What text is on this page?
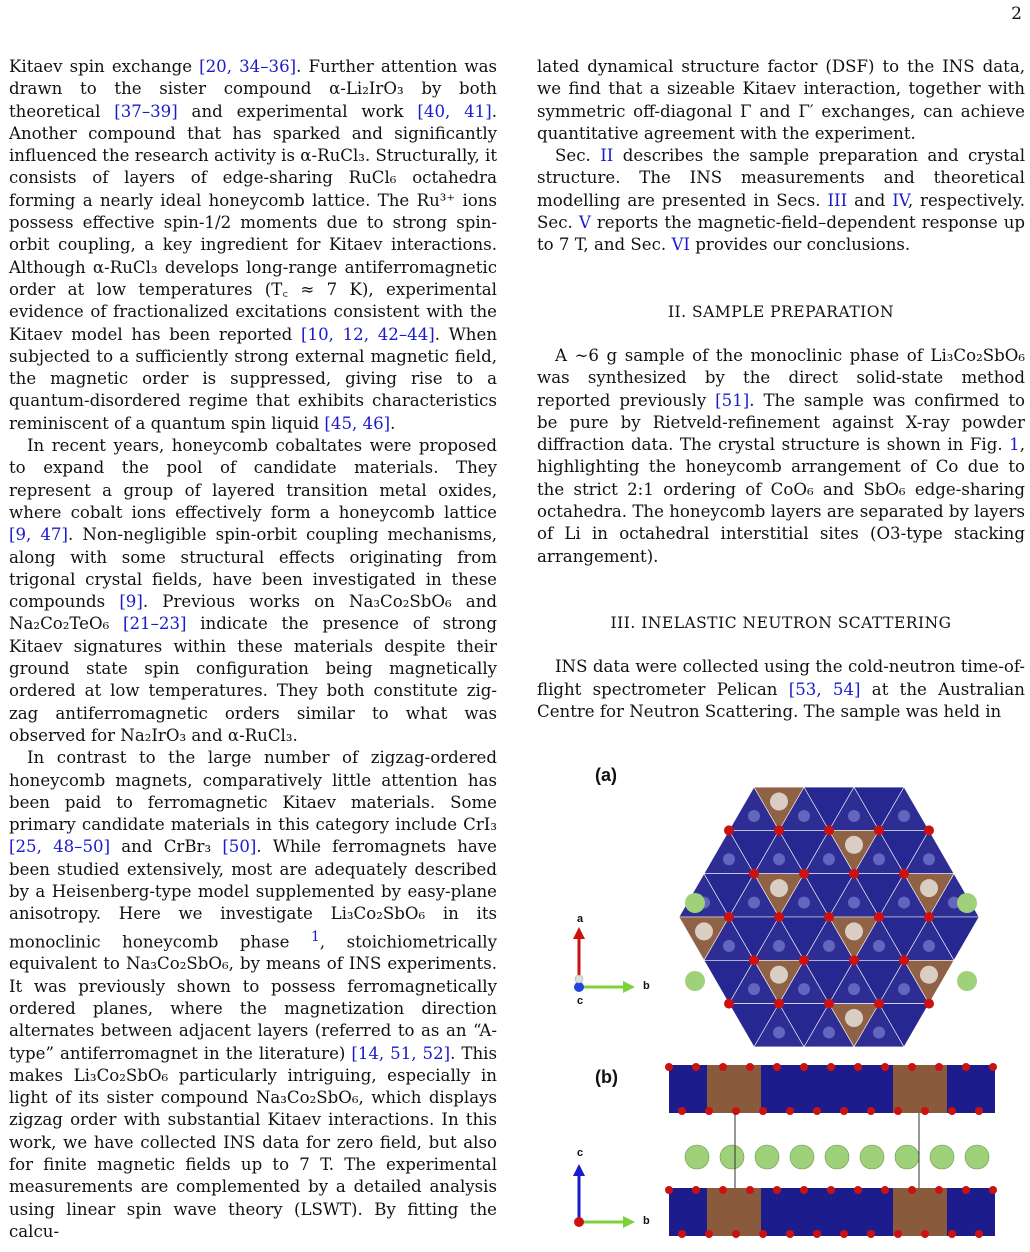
2

Kitaev spin exchange [20, 34–36]. Further attention was drawn to the sister compound α-Li₂IrO₃ by both theoretical [37–39] and experimental work [40, 41]. Another compound that has sparked and significantly influenced the research activity is α-RuCl₃. Structurally, it consists of layers of edge-sharing RuCl₆ octahedra forming a nearly ideal honeycomb lattice. The Ru³⁺ ions possess effective spin-1/2 moments due to strong spin-orbit coupling, a key ingredient for Kitaev interactions. Although α-RuCl₃ develops long-range antiferromagnetic order at low temperatures (T꜀ ≈ 7 K), experimental evidence of fractionalized excitations consistent with the Kitaev model has been reported [10, 12, 42–44]. When subjected to a sufficiently strong external magnetic field, the magnetic order is suppressed, giving rise to a quantum-disordered regime that exhibits characteristics reminiscent of a quantum spin liquid [45, 46].

In recent years, honeycomb cobaltates were proposed to expand the pool of candidate materials. They represent a group of layered transition metal oxides, where cobalt ions effectively form a honeycomb lattice [9, 47]. Non-negligible spin-orbit coupling mechanisms, along with some structural effects originating from trigonal crystal fields, have been investigated in these compounds [9]. Previous works on Na₃Co₂SbO₆ and Na₂Co₂TeO₆ [21–23] indicate the presence of strong Kitaev signatures within these materials despite their ground state spin configuration being magnetically ordered at low temperatures. They both constitute zig-zag antiferromagnetic orders similar to what was observed for Na₂IrO₃ and α-RuCl₃.

In contrast to the large number of zigzag-ordered honeycomb magnets, comparatively little attention has been paid to ferromagnetic Kitaev materials. Some primary candidate materials in this category include CrI₃ [25, 48–50] and CrBr₃ [50]. While ferromagnets have been studied extensively, most are adequately described by a Heisenberg-type model supplemented by easy-plane anisotropy. Here we investigate Li₃Co₂SbO₆ in its monoclinic honeycomb phase $^1$, stoichiometrically equivalent to Na₃Co₂SbO₆, by means of INS experiments. It was previously shown to possess ferromagnetically ordered planes, where the magnetization direction alternates between adjacent layers (referred to as an “A-type” antiferromagnet in the literature) [14, 51, 52]. This makes Li₃Co₂SbO₆ particularly intriguing, especially in light of its sister compound Na₃Co₂SbO₆, which displays zigzag order with substantial Kitaev interactions. In this work, we have collected INS data for zero field, but also for finite magnetic fields up to 7 T. The experimental measurements are complemented by a detailed analysis using linear spin wave theory (LSWT). By fitting the calcu-

lated dynamical structure factor (DSF) to the INS data, we find that a sizeable Kitaev interaction, together with symmetric off-diagonal Γ and Γ′ exchanges, can achieve quantitative agreement with the experiment.

Sec. II describes the sample preparation and crystal structure. The INS measurements and theoretical modelling are presented in Secs. III and IV, respectively. Sec. V reports the magnetic-field–dependent response up to 7 T, and Sec. VI provides our conclusions.

II. SAMPLE PREPARATION

A ∼6 g sample of the monoclinic phase of Li₃Co₂SbO₆ was synthesized by the direct solid-state method reported previously [51]. The sample was confirmed to be pure by Rietveld-refinement against X-ray powder diffraction data. The crystal structure is shown in Fig. 1, highlighting the honeycomb arrangement of Co due to the strict 2:1 ordering of CoO₆ and SbO₆ edge-sharing octahedra. The honeycomb layers are separated by layers of Li in octahedral interstitial sites (O3-type stacking arrangement).

III. INELASTIC NEUTRON SCATTERING

INS data were collected using the cold-neutron time-of-flight spectrometer Pelican [53, 54] at the Australian Centre for Neutron Scattering. The sample was held in

(a)
(b)
a
b
c
c
b
